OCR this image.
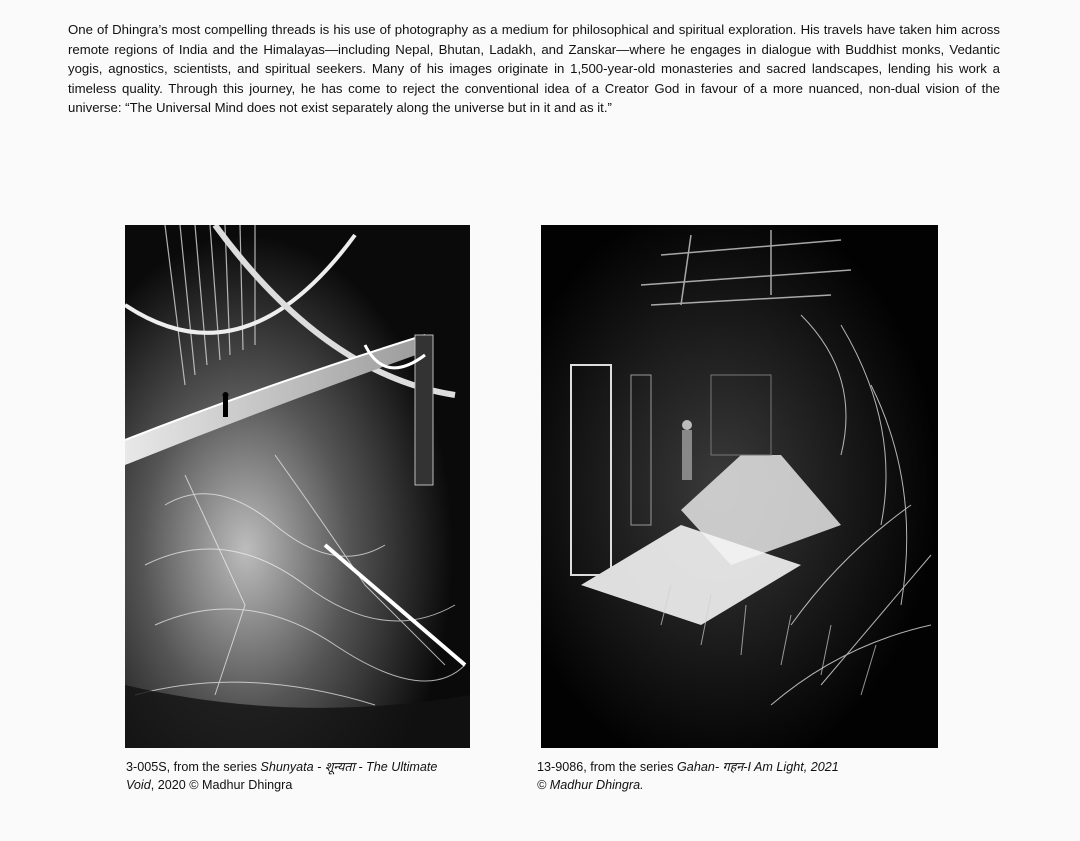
One of Dhingra’s most compelling threads is his use of photography as a medium for philosophical and spiritual exploration. His travels have taken him across remote regions of India and the Himalayas—including Nepal, Bhutan, Ladakh, and Zanskar—where he engages in dialogue with Buddhist monks, Vedantic yogis, agnostics, scientists, and spiritual seekers. Many of his images originate in 1,500-year-old monasteries and sacred landscapes, lending his work a timeless quality. Through this journey, he has come to reject the conventional idea of a Creator God in favour of a more nuanced, non-dual vision of the universe: “The Universal Mind does not exist separately along the universe but in it and as it.”

3-005S, from the series Shunyata - शून्यता - The Ultimate Void, 2020 © Madhur Dhingra
13-9086, from the series Gahan- गहन-I Am Light, 2021
© Madhur Dhingra.
